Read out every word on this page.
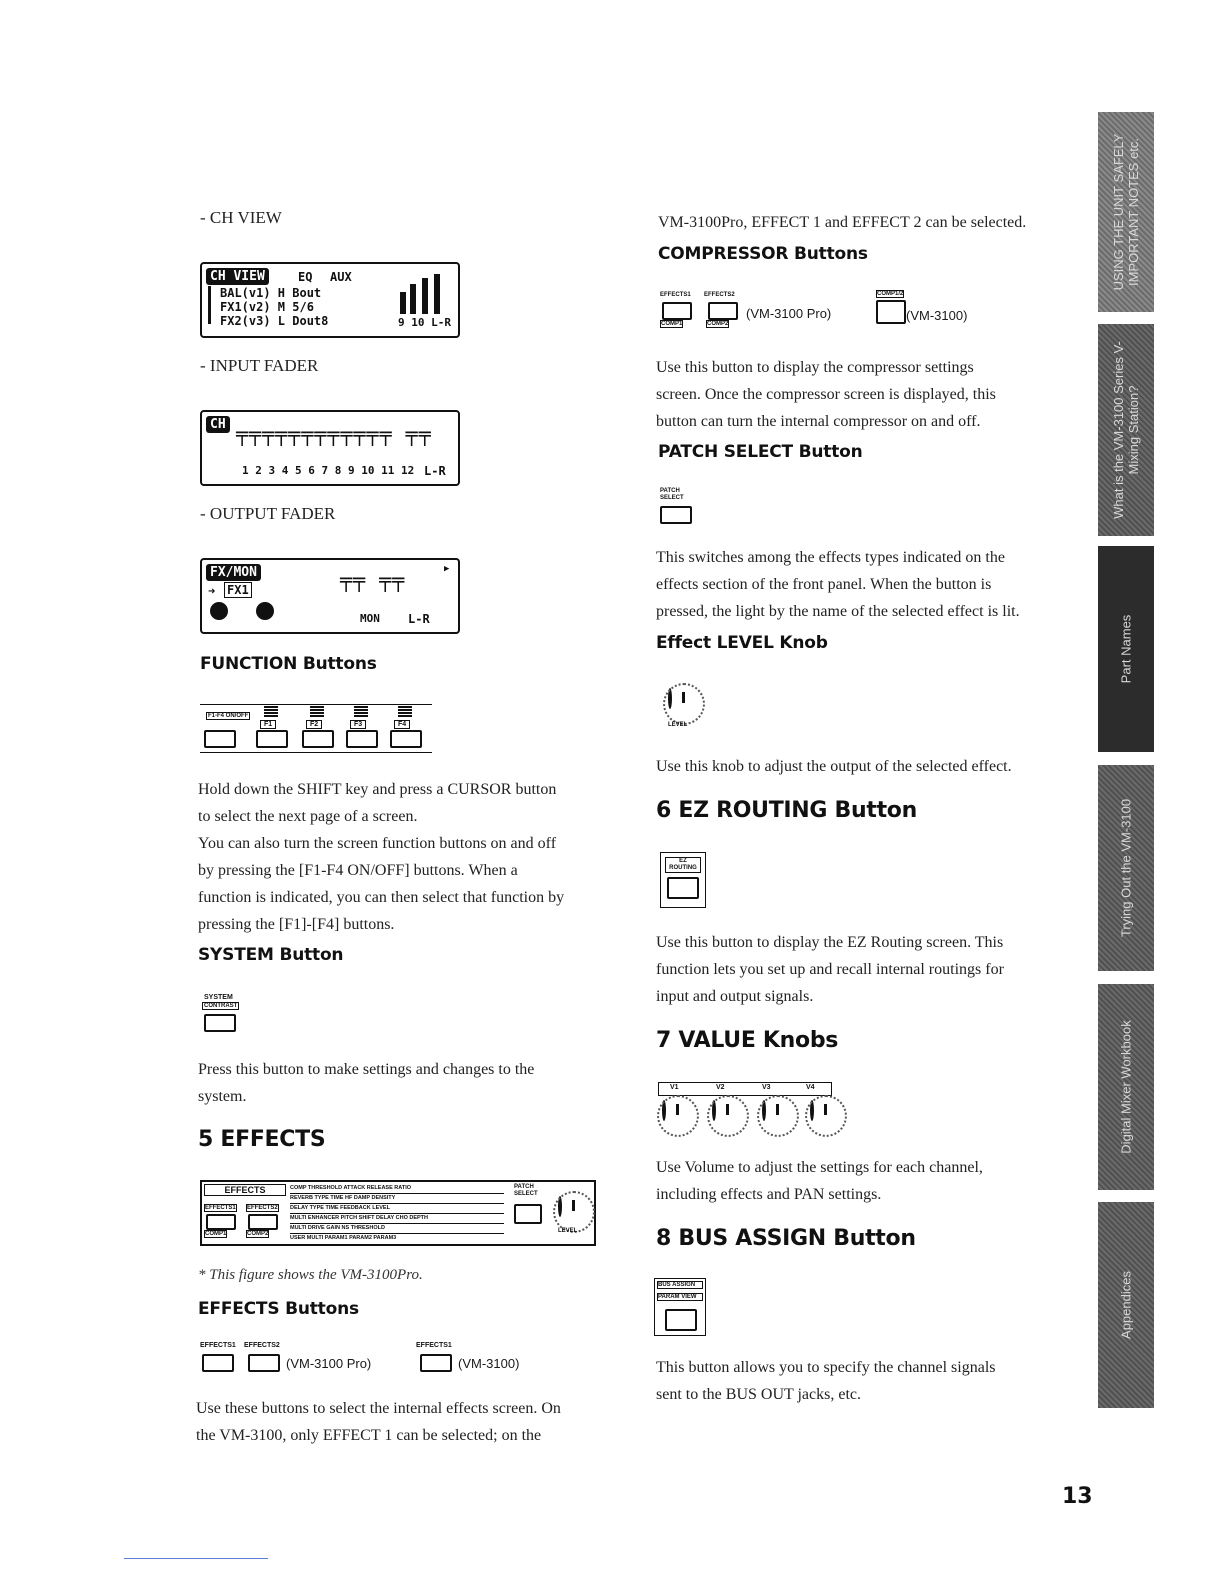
- CH VIEW
CH VIEW	EQ AUX
BAL(v1) H Bout
FX1(v2) M 5/6
FX2(v3) L Dout8	9 10 L-R
- INPUT FADER
CH ╤╤╤╤╤╤╤╤╤╤╤╤ ╤╤
1 2 3 4 5 6 7 8 9 10 11 12 L-R
- OUTPUT FADER
FX/MON
➜ FX1	╤╤ ╤╤
MON L-R
▶
FUNCTION Buttons
F1-F4 ON/OFF
F1	F2	F3	F4
Hold down the SHIFT key and press a CURSOR button
to select the next page of a screen.
You can also turn the screen function buttons on and off
by pressing the [F1-F4 ON/OFF] buttons. When a
function is indicated, you can then select that function by
pressing the [F1]-[F4] buttons.
SYSTEM Button
SYSTEM
CONTRAST
Press this button to make settings and changes to the
system.
5 EFFECTS
EFFECTS
EFFECTS1 EFFECTS2
COMP1	COMP2
COMP THRESHOLD ATTACK RELEASE RATIO
REVERB TYPE TIME HF DAMP DENSITY
DELAY TYPE TIME FEEDBACK LEVEL
MULTI ENHANCER PITCH SHIFT DELAY CHO DEPTH
MULTI DRIVE GAIN NS THRESHOLD
USER MULTI PARAM1 PARAM2 PARAM3
PATCH SELECT
LEVEL
* This figure shows the VM-3100Pro.
EFFECTS Buttons
EFFECTS1 EFFECTS2
(VM-3100 Pro)
EFFECTS1
(VM-3100)
Use these buttons to select the internal effects screen. On
the VM-3100, only EFFECT 1 can be selected; on the
VM-3100Pro, EFFECT 1 and EFFECT 2 can be selected.
COMPRESSOR Buttons
EFFECTS1 EFFECTS2
COMP1	COMP2
(VM-3100 Pro)
COMP1/2
(VM-3100)
Use this button to display the compressor settings
screen. Once the compressor screen is displayed, this
button can turn the internal compressor on and off.
PATCH SELECT Button
PATCH SELECT
This switches among the effects types indicated on the
effects section of the front panel. When the button is
pressed, the light by the name of the selected effect is lit.
Effect LEVEL Knob
LEVEL
Use this knob to adjust the output of the selected effect.
6 EZ ROUTING Button
EZ ROUTING
Use this button to display the EZ Routing screen. This
function lets you set up and recall internal routings for
input and output signals.
7 VALUE Knobs
V1	V2	V3	V4
Use Volume to adjust the settings for each channel,
including effects and PAN settings.
8 BUS ASSIGN Button
BUS ASSIGN
PARAM VIEW
This button allows you to specify the channel signals
sent to the BUS OUT jacks, etc.
USING THE UNIT SAFELY IMPORTANT NOTES etc.
What is the VM-3100 Series V-Mixing Station?
Part Names
Trying Out the VM-3100
Digital Mixer Workbook
Appendices
13
